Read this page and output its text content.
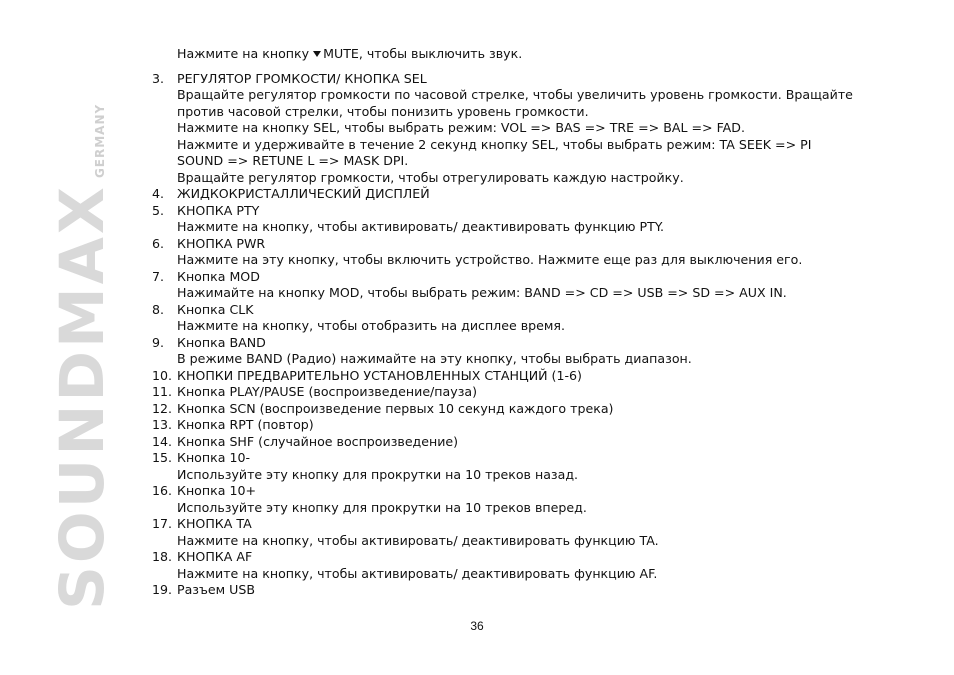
SOUNDMAXGERMANY
Нажмите на кнопку MUTE, чтобы выключить звук.
3. РЕГУЛЯТОР ГРОМКОСТИ/ КНОПКА SEL
Вращайте регулятор громкости по часовой стрелке, чтобы увеличить уровень громкости. Вращайте
против часовой стрелки, чтобы понизить уровень громкости.
Нажмите на кнопку SEL, чтобы выбрать режим: VOL => BAS => TRE => BAL => FAD.
Нажмите и удерживайте в течение 2 секунд кнопку SEL, чтобы выбрать режим: TA SEEK => PI
SOUND => RETUNE L => MASK DPI.
Вращайте регулятор громкости, чтобы отрегулировать каждую настройку.
4. ЖИДКОКРИСТАЛЛИЧЕСКИЙ ДИСПЛЕЙ
5. КНОПКА PTY
Нажмите на кнопку, чтобы активировать/ деактивировать функцию PTY.
6. КНОПКА PWR
Нажмите на эту кнопку, чтобы включить устройство. Нажмите еще раз для выключения его.
7. Кнопка MOD
Нажимайте на кнопку MOD, чтобы выбрать режим: BAND => CD => USB => SD => AUX IN.
8. Кнопка CLK
Нажмите на кнопку, чтобы отобразить на дисплее время.
9. Кнопка BAND
В режиме BAND (Радио) нажимайте на эту кнопку, чтобы выбрать диапазон.
10. КНОПКИ ПРЕДВАРИТЕЛЬНО УСТАНОВЛЕННЫХ СТАНЦИЙ (1-6)
11. Кнопка PLAY/PAUSE (воспроизведение/пауза)
12. Кнопка SCN (воспроизведение первых 10 секунд каждого трека)
13. Кнопка RPT (повтор)
14. Кнопка SHF (случайное воспроизведение)
15. Кнопка 10-
Используйте эту кнопку для прокрутки на 10 треков назад.
16. Кнопка 10+
Используйте эту кнопку для прокрутки на 10 треков вперед.
17. КНОПКА TA
Нажмите на кнопку, чтобы активировать/ деактивировать функцию TA.
18. КНОПКА AF
Нажмите на кнопку, чтобы активировать/ деактивировать функцию AF.
19. Разъем USB
36
